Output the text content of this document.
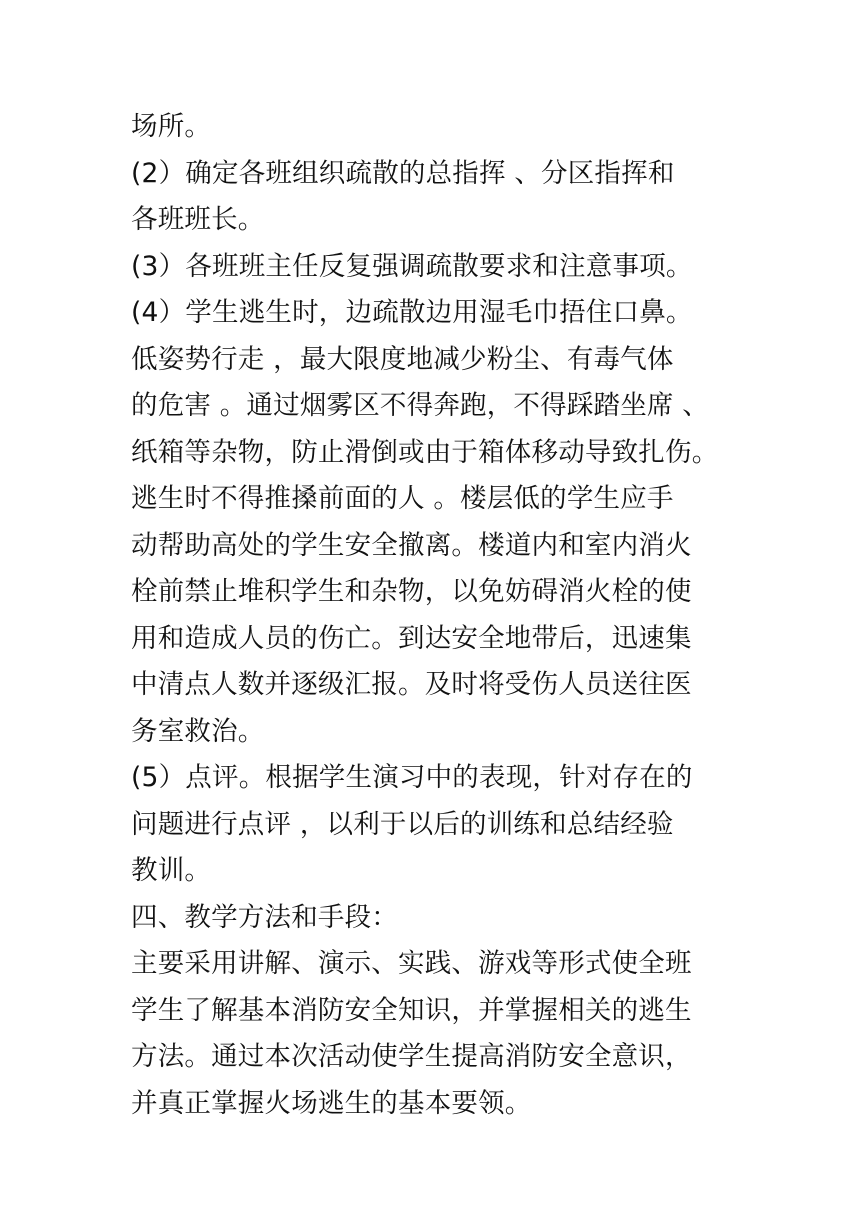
场所。
(2）确定各班组织疏散的总指挥 、分区指挥和
各班班长。
(3）各班班主任反复强调疏散要求和注意事项。
(4）学生逃生时，边疏散边用湿毛巾捂住口鼻。
低姿势行走 ，最大限度地减少粉尘、有毒气体
的危害 。通过烟雾区不得奔跑，不得踩踏坐席 、
纸箱等杂物，防止滑倒或由于箱体移动导致扎伤。
逃生时不得推搡前面的人 。楼层低的学生应手
动帮助高处的学生安全撤离。楼道内和室内消火
栓前禁止堆积学生和杂物，以免妨碍消火栓的使
用和造成人员的伤亡。到达安全地带后，迅速集
中清点人数并逐级汇报。及时将受伤人员送往医
务室救治。
(5）点评。根据学生演习中的表现，针对存在的
问题进行点评 ，以利于以后的训练和总结经验
教训。
四、教学方法和手段：
主要采用讲解、演示、实践、游戏等形式使全班
学生了解基本消防安全知识，并掌握相关的逃生
方法。通过本次活动使学生提高消防安全意识，
并真正掌握火场逃生的基本要领。
